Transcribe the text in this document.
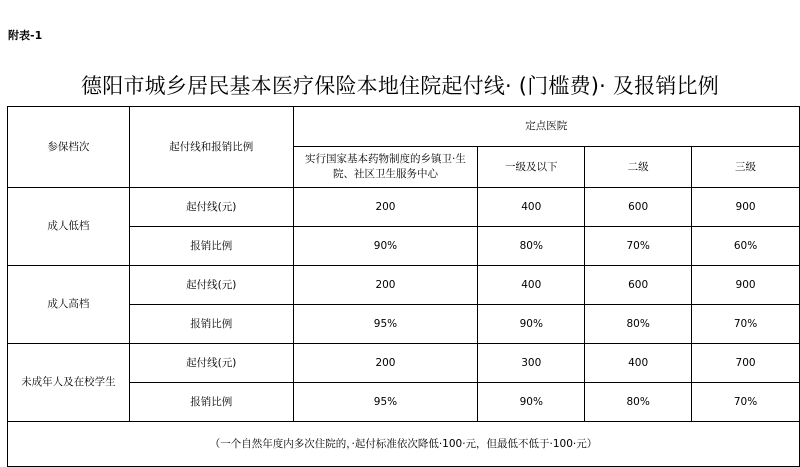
附表-1
德阳市城乡居民基本医疗保险本地住院起付线· (门槛费)· 及报销比例
参保档次	起付线和报销比例	定点医院			
		实行国家基本药物制度的乡镇卫·生院、社区卫生服务中心	一级及以下	二级	三级
成人低档	起付线(元)	200	400	600	900
	报销比例	90%	80%	70%	60%
成人高档	起付线(元)	200	400	600	900
	报销比例	95%	90%	80%	70%
未成年人及在校学生	起付线(元)	200	300	400	700
	报销比例	95%	90%	80%	70%
（一个自然年度内多次住院的，·起付标准依次降低·100·元，但最低不低于·100·元）					
